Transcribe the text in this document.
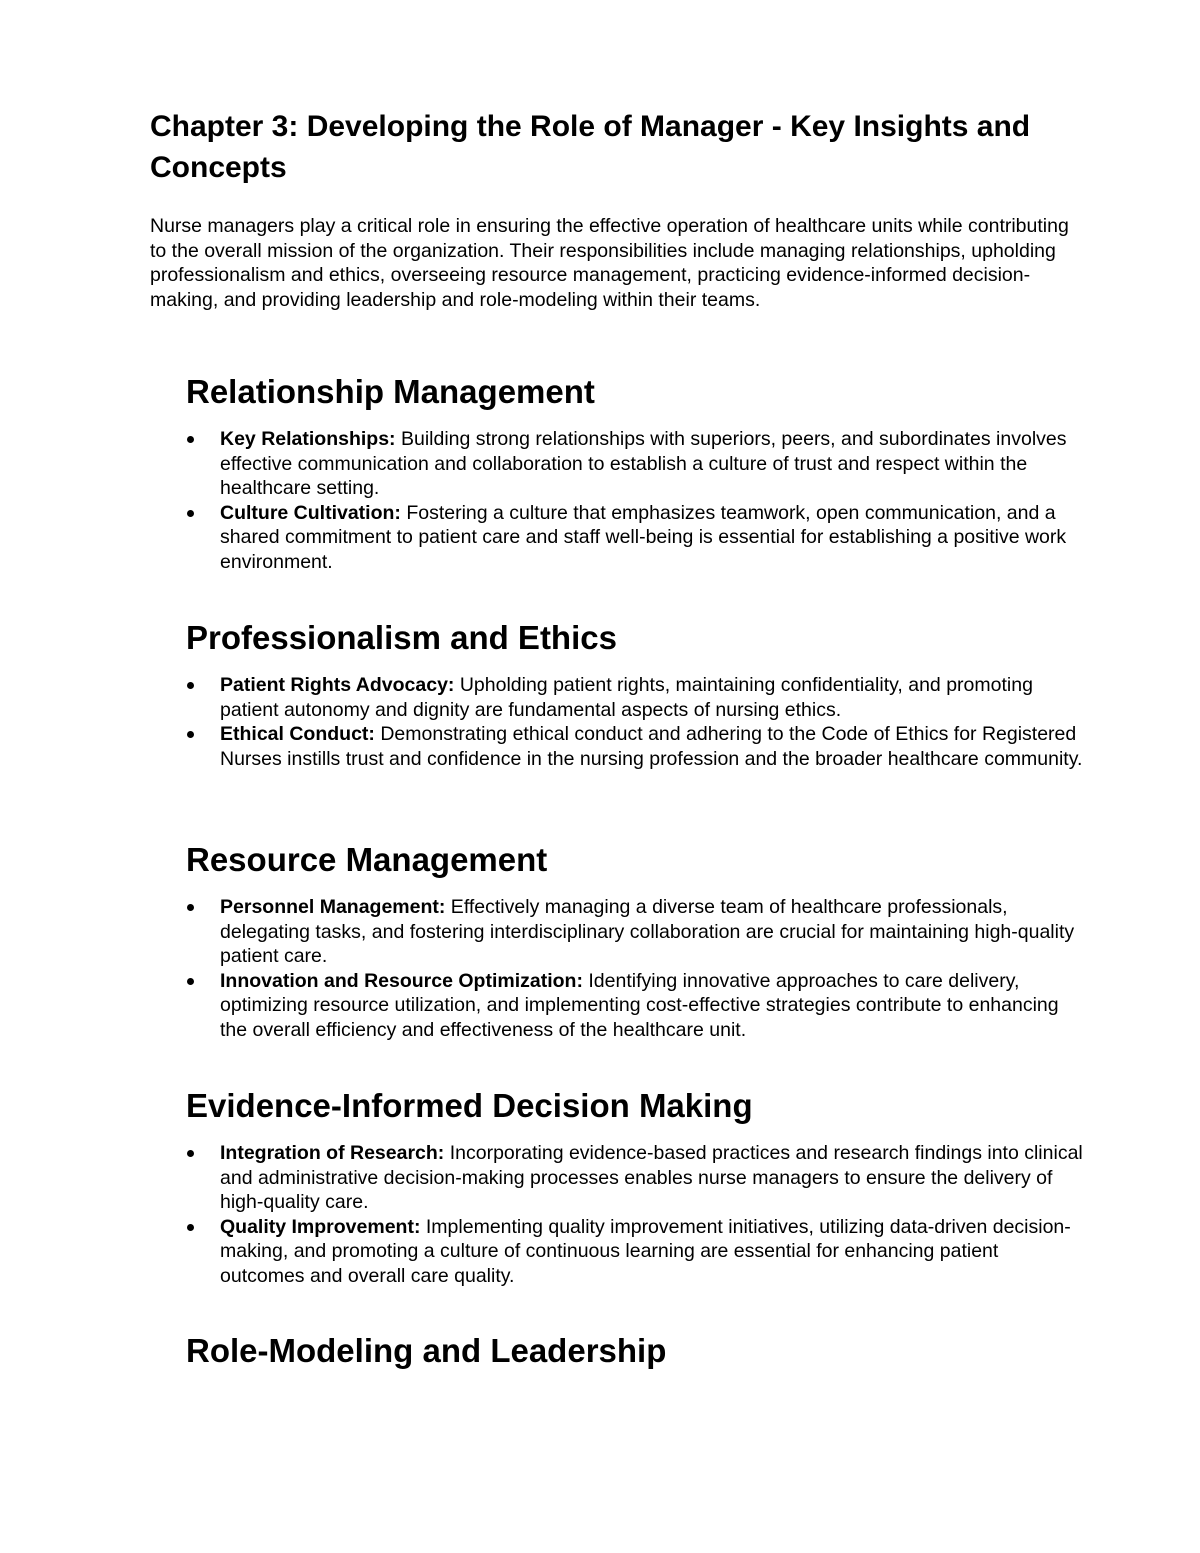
Chapter 3: Developing the Role of Manager - Key Insights and Concepts

Nurse managers play a critical role in ensuring the effective operation of healthcare units while contributing to the overall mission of the organization. Their responsibilities include managing relationships, upholding professionalism and ethics, overseeing resource management, practicing evidence-informed decision-making, and providing leadership and role-modeling within their teams.

Relationship Management
Key Relationships: Building strong relationships with superiors, peers, and subordinates involves effective communication and collaboration to establish a culture of trust and respect within the healthcare setting.
Culture Cultivation: Fostering a culture that emphasizes teamwork, open communication, and a shared commitment to patient care and staff well-being is essential for establishing a positive work environment.
Professionalism and Ethics
Patient Rights Advocacy: Upholding patient rights, maintaining confidentiality, and promoting patient autonomy and dignity are fundamental aspects of nursing ethics.
Ethical Conduct: Demonstrating ethical conduct and adhering to the Code of Ethics for Registered Nurses instills trust and confidence in the nursing profession and the broader healthcare community.
Resource Management
Personnel Management: Effectively managing a diverse team of healthcare professionals, delegating tasks, and fostering interdisciplinary collaboration are crucial for maintaining high-quality patient care.
Innovation and Resource Optimization: Identifying innovative approaches to care delivery, optimizing resource utilization, and implementing cost-effective strategies contribute to enhancing the overall efficiency and effectiveness of the healthcare unit.
Evidence-Informed Decision Making
Integration of Research: Incorporating evidence-based practices and research findings into clinical and administrative decision-making processes enables nurse managers to ensure the delivery of high-quality care.
Quality Improvement: Implementing quality improvement initiatives, utilizing data-driven decision-making, and promoting a culture of continuous learning are essential for enhancing patient outcomes and overall care quality.
Role-Modeling and Leadership
